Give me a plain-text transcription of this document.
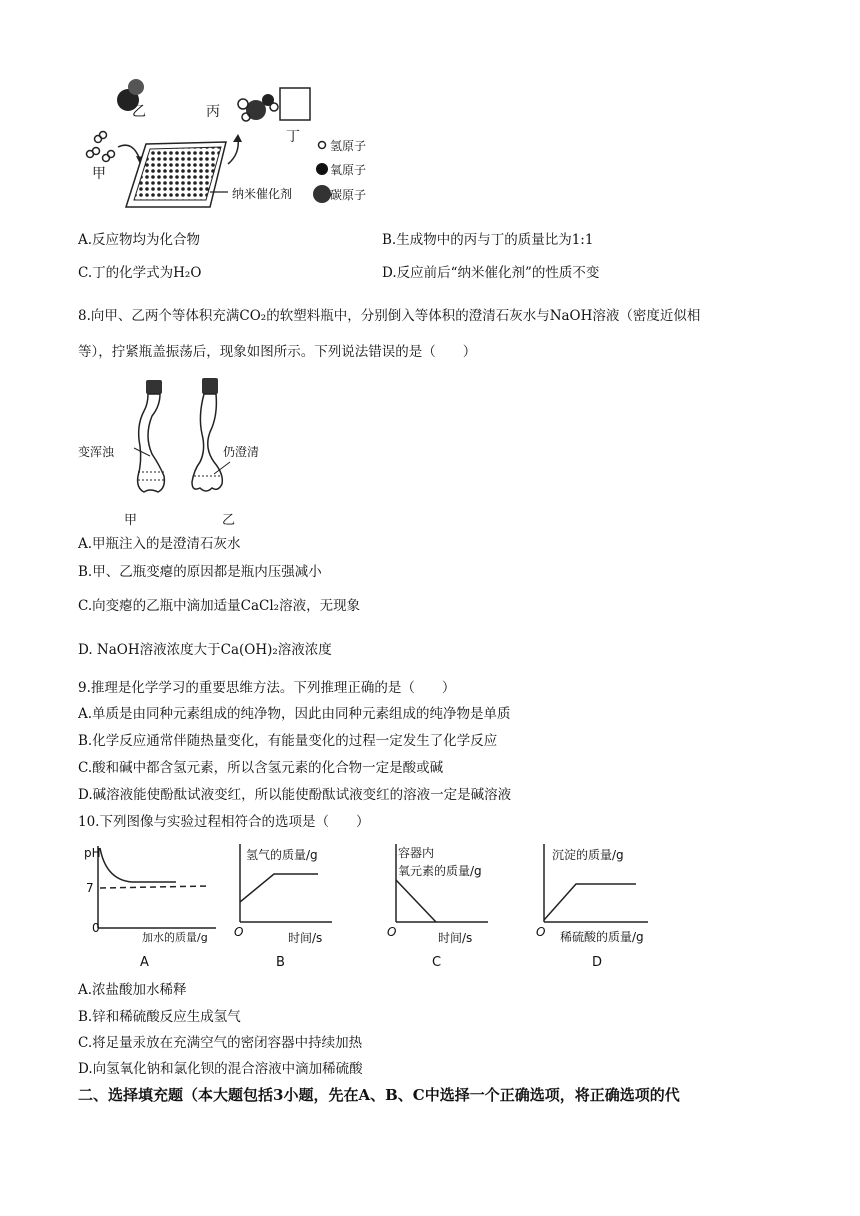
乙	丙
丁
甲
氢原子
氧原子
碳原子
纳米催化剂
A.反应物均为化合物	B.生成物中的丙与丁的质量比为1:1
C.丁的化学式为H₂O	D.反应前后“纳米催化剂”的性质不变
8.向甲、乙两个等体积充满CO₂的软塑料瓶中，分别倒入等体积的澄清石灰水与NaOH溶液（密度近似相
等），拧紧瓶盖振荡后，现象如图所示。下列说法错误的是（　　）
变浑浊	仍澄清
甲	乙
A.甲瓶注入的是澄清石灰水
B.甲、乙瓶变瘪的原因都是瓶内压强减小
C.向变瘪的乙瓶中滴加适量CaCl₂溶液，无现象
D. NaOH溶液浓度大于Ca(OH)₂溶液浓度
9.推理是化学学习的重要思维方法。下列推理正确的是（　　）
A.单质是由同种元素组成的纯净物，因此由同种元素组成的纯净物是单质
B.化学反应通常伴随热量变化，有能量变化的过程一定发生了化学反应
C.酸和碱中都含氢元素，所以含氢元素的化合物一定是酸或碱
D.碱溶液能使酚酞试液变红，所以能使酚酞试液变红的溶液一定是碱溶液
10.下列图像与实验过程相符合的选项是（　　）
pH
7
0
加水的质量/g
A
氢气的质量/g
O	时间/s
B
容器内
氧元素的质量/g
O	时间/s
C
沉淀的质量/g
O 稀硫酸的质量/g
D
A.浓盐酸加水稀释
B.锌和稀硫酸反应生成氢气
C.将足量汞放在充满空气的密闭容器中持续加热
D.向氢氧化钠和氯化钡的混合溶液中滴加稀硫酸
二、选择填充题（本大题包括3小题，先在A、B、C中选择一个正确选项，将正确选项的代
